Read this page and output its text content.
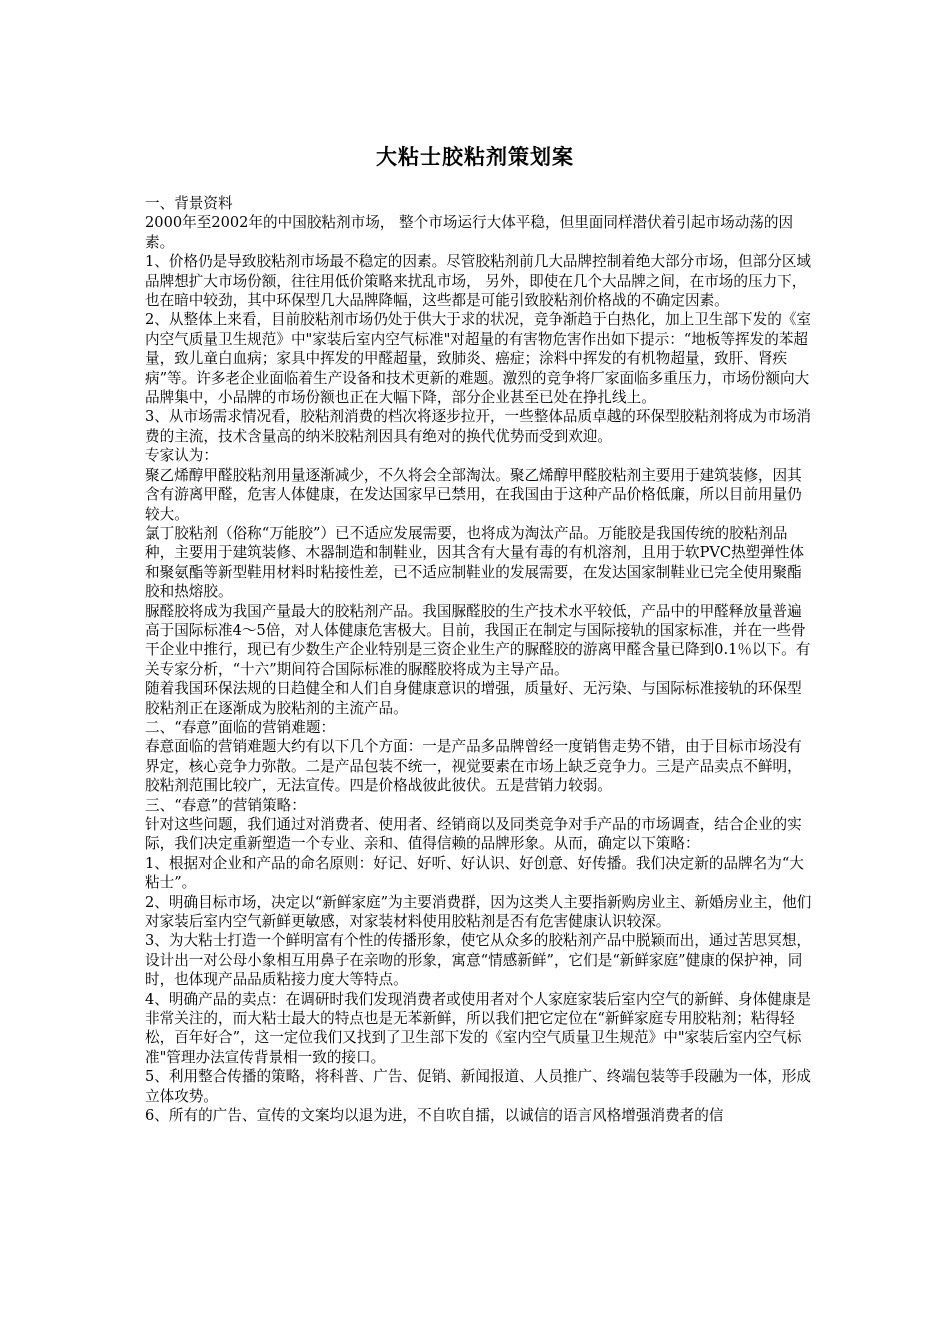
大粘士胶粘剂策划案

一、背景资料

2000年至2002年的中国胶粘剂市场， 整个市场运行大体平稳，但里面同样潜伏着引起市场动荡的因素。

1、价格仍是导致胶粘剂市场最不稳定的因素。尽管胶粘剂前几大品牌控制着绝大部分市场，但部分区域品牌想扩大市场份额，往往用低价策略来扰乱市场， 另外，即使在几个大品牌之间，在市场的压力下，也在暗中较劲，其中环保型几大品牌降幅，这些都是可能引致胶粘剂价格战的不确定因素。

2、从整体上来看，目前胶粘剂市场仍处于供大于求的状况，竞争渐趋于白热化，加上卫生部下发的《室内空气质量卫生规范》中"家装后室内空气标准"对超量的有害物危害作出如下提示：“地板等挥发的苯超量，致儿童白血病；家具中挥发的甲醛超量，致肺炎、癌症；涂料中挥发的有机物超量，致肝、肾疾病”等。许多老企业面临着生产设备和技术更新的难题。激烈的竞争将厂家面临多重压力，市场份额向大品牌集中，小品牌的市场份额也正在大幅下降，部分企业甚至已处在挣扎线上。

3、从市场需求情况看，胶粘剂消费的档次将逐步拉开，一些整体品质卓越的环保型胶粘剂将成为市场消费的主流，技术含量高的纳米胶粘剂因具有绝对的换代优势而受到欢迎。

专家认为：

聚乙烯醇甲醛胶粘剂用量逐渐减少，不久将会全部淘汰。聚乙烯醇甲醛胶粘剂主要用于建筑装修，因其含有游离甲醛，危害人体健康，在发达国家早已禁用，在我国由于这种产品价格低廉，所以目前用量仍较大。

氯丁胶粘剂（俗称“万能胶”）已不适应发展需要，也将成为淘汰产品。万能胶是我国传统的胶粘剂品种，主要用于建筑装修、木器制造和制鞋业，因其含有大量有毒的有机溶剂，且用于软PVC热塑弹性体和聚氨酯等新型鞋用材料时粘接性差，已不适应制鞋业的发展需要，在发达国家制鞋业已完全使用聚酯胶和热熔胶。

脲醛胶将成为我国产量最大的胶粘剂产品。我国脲醛胶的生产技术水平较低，产品中的甲醛释放量普遍高于国际标准4～5倍，对人体健康危害极大。目前，我国正在制定与国际接轨的国家标准，并在一些骨干企业中推行，现已有少数生产企业特别是三资企业生产的脲醛胶的游离甲醛含量已降到0.1％以下。有关专家分析，“十六”期间符合国际标准的脲醛胶将成为主导产品。

随着我国环保法规的日趋健全和人们自身健康意识的增强，质量好、无污染、与国际标准接轨的环保型胶粘剂正在逐渐成为胶粘剂的主流产品。

二、“春意”面临的营销难题：

春意面临的营销难题大约有以下几个方面：一是产品多品牌曾经一度销售走势不错，由于目标市场没有界定，核心竞争力弥散。二是产品包装不统一，视觉要素在市场上缺乏竞争力。三是产品卖点不鲜明，胶粘剂范围比较广，无法宣传。四是价格战彼此彼伏。五是营销力较弱。

三、“春意”的营销策略：

针对这些问题，我们通过对消费者、使用者、经销商以及同类竞争对手产品的市场调查，结合企业的实际，我们决定重新塑造一个专业、亲和、值得信赖的品牌形象。从而，确定以下策略：

1、根据对企业和产品的命名原则：好记、好听、好认识、好创意、好传播。我们决定新的品牌名为“大粘士”。

2、明确目标市场，决定以“新鲜家庭”为主要消费群，因为这类人主要指新购房业主、新婚房业主，他们对家装后室内空气新鲜更敏感，对家装材料使用胶粘剂是否有危害健康认识较深。

3、为大粘士打造一个鲜明富有个性的传播形象，使它从众多的胶粘剂产品中脱颖而出，通过苦思冥想，设计出一对公母小象相互用鼻子在亲吻的形象，寓意“情感新鲜”，它们是“新鲜家庭”健康的保护神，同时，也体现产品品质粘接力度大等特点。

4、明确产品的卖点：在调研时我们发现消费者或使用者对个人家庭家装后室内空气的新鲜、身体健康是非常关注的，而大粘士最大的特点也是无苯新鲜，所以我们把它定位在“新鲜家庭专用胶粘剂；粘得轻松，百年好合”，这一定位我们又找到了卫生部下发的《室内空气质量卫生规范》中"家装后室内空气标准"管理办法宣传背景相一致的接口。

5、利用整合传播的策略，将科普、广告、促销、新闻报道、人员推广、终端包装等手段融为一体，形成立体攻势。

6、所有的广告、宣传的文案均以退为进，不自吹自擂，以诚信的语言风格增强消费者的信
